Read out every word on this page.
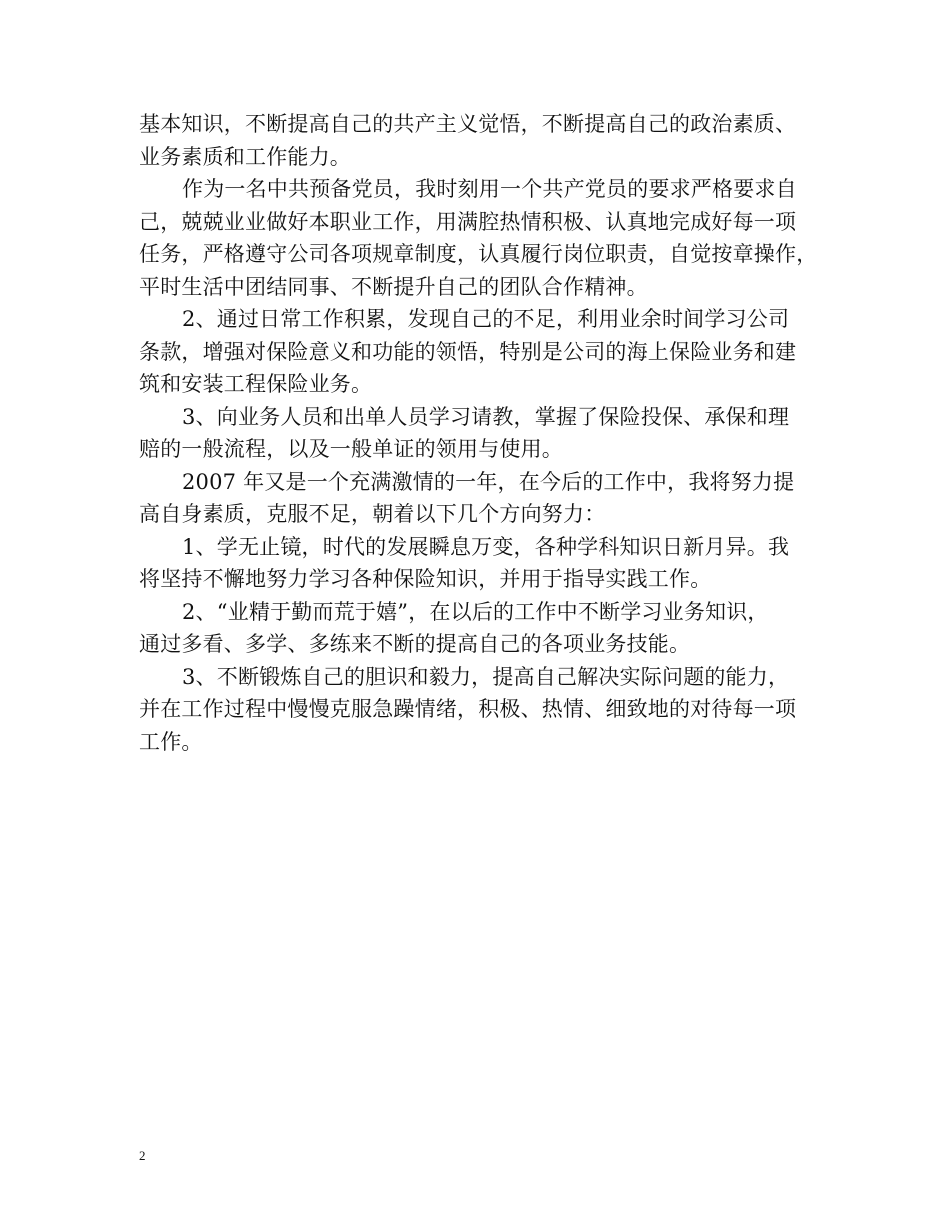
基本知识，不断提高自己的共产主义觉悟，不断提高自己的政治素质、
业务素质和工作能力。
作为一名中共预备党员，我时刻用一个共产党员的要求严格要求自
己，兢兢业业做好本职业工作，用满腔热情积极、认真地完成好每一项
任务，严格遵守公司各项规章制度，认真履行岗位职责，自觉按章操作，
平时生活中团结同事、不断提升自己的团队合作精神。
2、通过日常工作积累，发现自己的不足，利用业余时间学习公司
条款，增强对保险意义和功能的领悟，特别是公司的海上保险业务和建
筑和安装工程保险业务。
3、向业务人员和出单人员学习请教，掌握了保险投保、承保和理
赔的一般流程，以及一般单证的领用与使用。
2007 年又是一个充满激情的一年，在今后的工作中，我将努力提
高自身素质，克服不足，朝着以下几个方向努力：
1、学无止镜，时代的发展瞬息万变，各种学科知识日新月异。我
将坚持不懈地努力学习各种保险知识，并用于指导实践工作。
2、“业精于勤而荒于嬉”，在以后的工作中不断学习业务知识，
通过多看、多学、多练来不断的提高自己的各项业务技能。
3、不断锻炼自己的胆识和毅力，提高自己解决实际问题的能力，
并在工作过程中慢慢克服急躁情绪，积极、热情、细致地的对待每一项
工作。
2
